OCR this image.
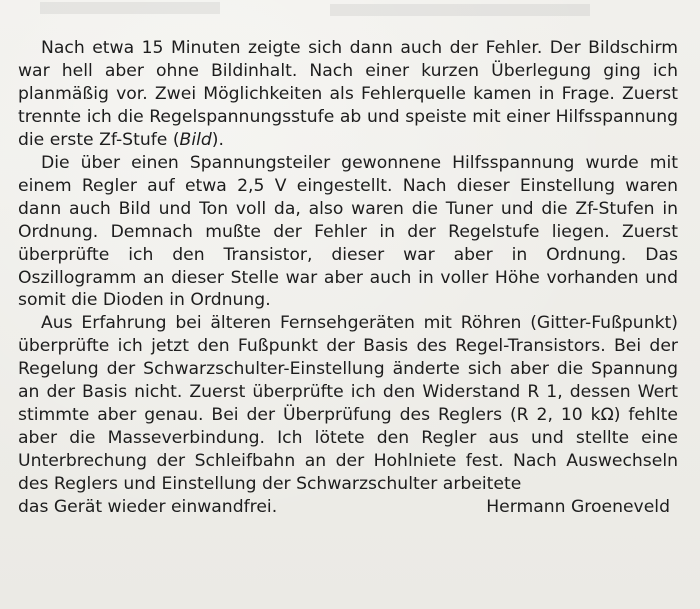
Nach etwa 15 Minuten zeigte sich dann auch der Fehler. Der Bildschirm war hell aber ohne Bildinhalt. Nach einer kurzen Überlegung ging ich planmäßig vor. Zwei Möglichkeiten als Fehlerquelle kamen in Frage. Zuerst trennte ich die Regelspannungsstufe ab und speiste mit einer Hilfsspannung die erste Zf-Stufe (Bild).

Die über einen Spannungsteiler gewonnene Hilfsspannung wurde mit einem Regler auf etwa 2,5 V eingestellt. Nach dieser Einstellung waren dann auch Bild und Ton voll da, also waren die Tuner und die Zf-Stufen in Ordnung. Demnach mußte der Fehler in der Regelstufe liegen. Zuerst überprüfte ich den Transistor, dieser war aber in Ordnung. Das Oszillogramm an dieser Stelle war aber auch in voller Höhe vorhanden und somit die Dioden in Ordnung.

Aus Erfahrung bei älteren Fernsehgeräten mit Röhren (Gitter-Fußpunkt) überprüfte ich jetzt den Fußpunkt der Basis des Regel-Transistors. Bei der Regelung der Schwarzschulter-Einstellung änderte sich aber die Spannung an der Basis nicht. Zuerst überprüfte ich den Widerstand R 1, dessen Wert stimmte aber genau. Bei der Überprüfung des Reglers (R 2, 10 kΩ) fehlte aber die Masseverbindung. Ich lötete den Regler aus und stellte eine Unterbrechung der Schleifbahn an der Hohlniete fest. Nach Auswechseln des Reglers und Einstellung der Schwarzschulter arbeitete

das Gerät wieder einwandfrei.	Hermann Groeneveld
